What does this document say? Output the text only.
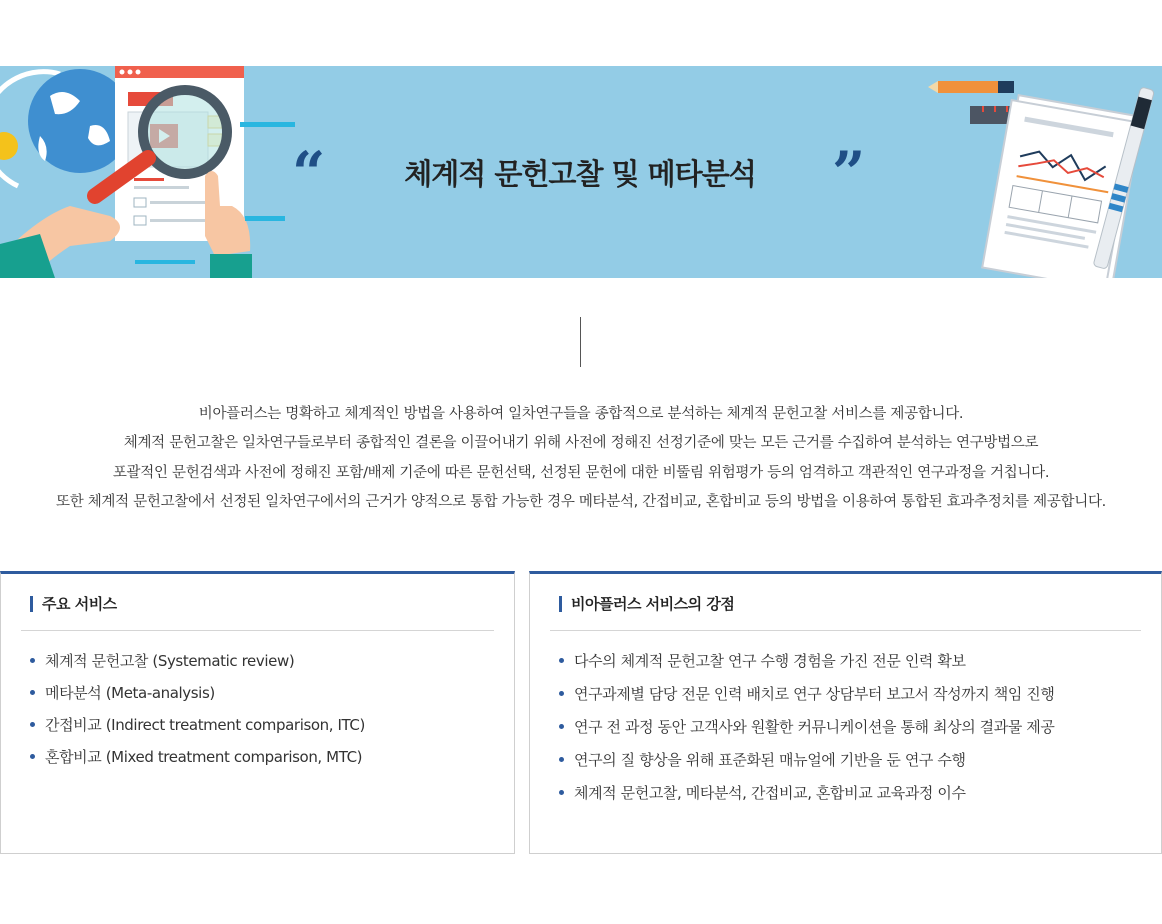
“	체계적 문헌고찰 및 메타분석	”

비아플러스는 명확하고 체계적인 방법을 사용하여 일차연구들을 종합적으로 분석하는 체계적 문헌고찰 서비스를 제공합니다.

체계적 문헌고찰은 일차연구들로부터 종합적인 결론을 이끌어내기 위해 사전에 정해진 선정기준에 맞는 모든 근거를 수집하여 분석하는 연구방법으로

포괄적인 문헌검색과 사전에 정해진 포함/배제 기준에 따른 문헌선택, 선정된 문헌에 대한 비뚤림 위험평가 등의 엄격하고 객관적인 연구과정을 거칩니다.

또한 체계적 문헌고찰에서 선정된 일차연구에서의 근거가 양적으로 통합 가능한 경우 메타분석, 간접비교, 혼합비교 등의 방법을 이용하여 통합된 효과추정치를 제공합니다.

주요 서비스
체계적 문헌고찰 (Systematic review)
메타분석 (Meta-analysis)
간접비교 (Indirect treatment comparison, ITC)
혼합비교 (Mixed treatment comparison, MTC)
비아플러스 서비스의 강점
다수의 체계적 문헌고찰 연구 수행 경험을 가진 전문 인력 확보
연구과제별 담당 전문 인력 배치로 연구 상담부터 보고서 작성까지 책임 진행
연구 전 과정 동안 고객사와 원활한 커뮤니케이션을 통해 최상의 결과물 제공
연구의 질 향상을 위해 표준화된 매뉴얼에 기반을 둔 연구 수행
체계적 문헌고찰, 메타분석, 간접비교, 혼합비교 교육과정 이수
